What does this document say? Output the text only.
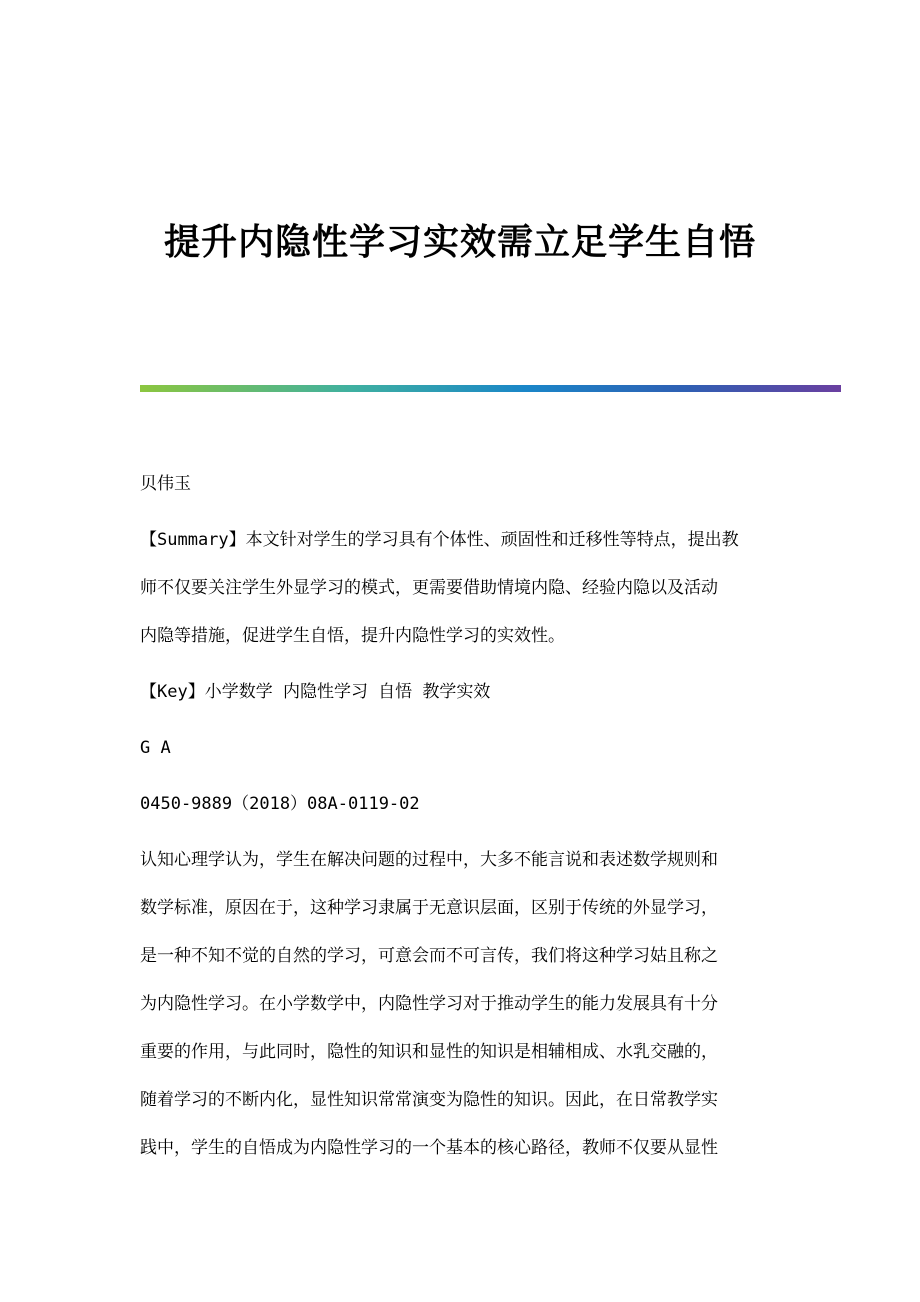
提升内隐性学习实效需立足学生自悟
贝伟玉
【Summary】本文针对学生的学习具有个体性、顽固性和迁移性等特点，提出教
师不仅要关注学生外显学习的模式，更需要借助情境内隐、经验内隐以及活动
内隐等措施，促进学生自悟，提升内隐性学习的实效性。
【Key】小学数学 内隐性学习 自悟 教学实效
G A
0450-9889（2018）08A-0119-02
认知心理学认为，学生在解决问题的过程中，大多不能言说和表述数学规则和
数学标准，原因在于，这种学习隶属于无意识层面，区别于传统的外显学习，
是一种不知不觉的自然的学习，可意会而不可言传，我们将这种学习姑且称之
为内隐性学习。在小学数学中，内隐性学习对于推动学生的能力发展具有十分
重要的作用，与此同时，隐性的知识和显性的知识是相辅相成、水乳交融的，
随着学习的不断内化，显性知识常常演变为隐性的知识。因此，在日常教学实
践中，学生的自悟成为内隐性学习的一个基本的核心路径，教师不仅要从显性
